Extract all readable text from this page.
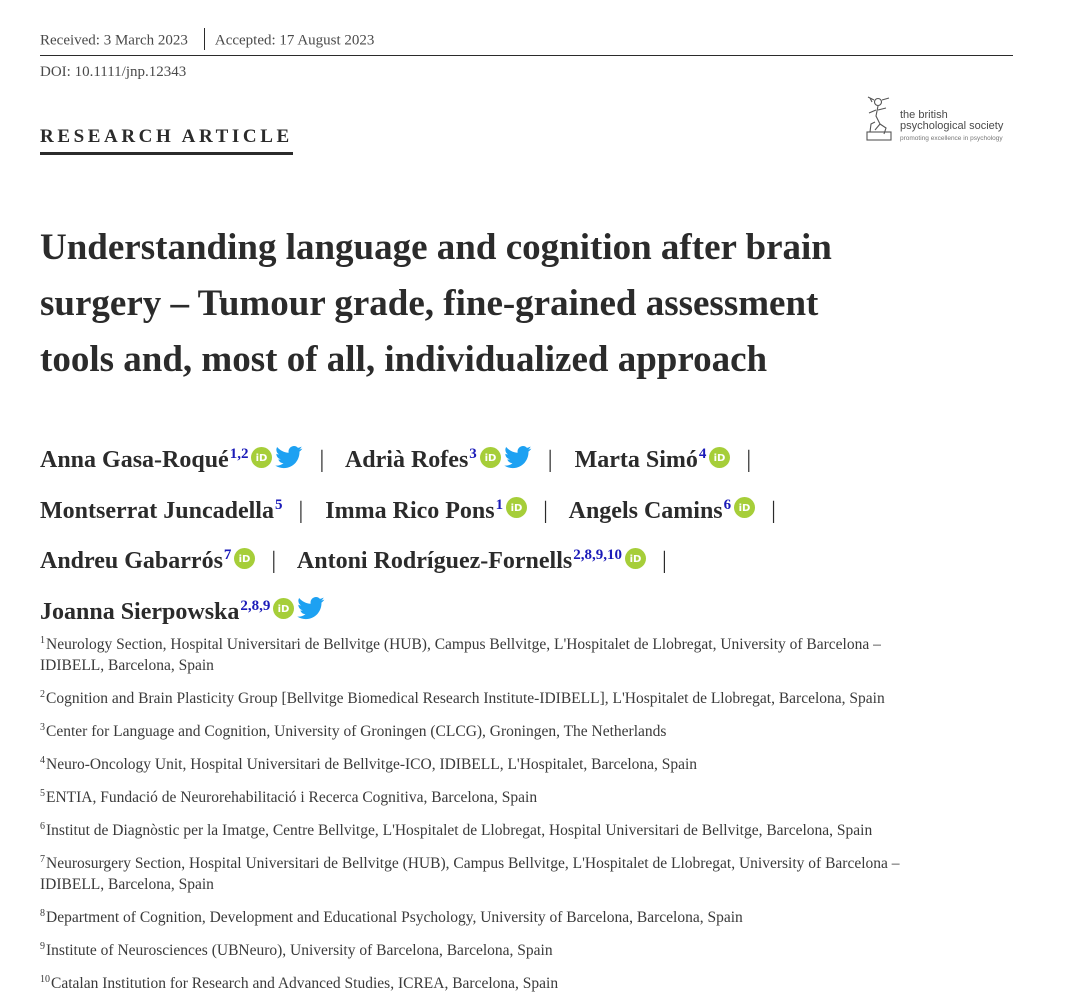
Received: 3 March 2023 Accepted: 17 August 2023
DOI: 10.1111/jnp.12343
the british
psychological society
promoting excellence in psychology
RESEARCH ARTICLE
Understanding language and cognition after brain
surgery – Tumour grade, fine-grained assessment
tools and, most of all, individualized approach
Anna Gasa-Roqué$^{1,2}$ iD | Adrià Rofes$^3$ iD | Marta Simó$^4$ iD |
Montserrat Juncadella$^5$ | Imma Rico Pons$^1$ iD | Angels Camins$^6$ iD |
Andreu Gabarrós$^7$ iD | Antoni Rodríguez-Fornells$^{2,8,9,10}$ iD |
Joanna Sierpowska$^{2,8,9}$ iD
$^1$Neurology Section, Hospital Universitari de Bellvitge (HUB), Campus Bellvitge, L'Hospitalet de Llobregat, University of Barcelona –
IDIBELL, Barcelona, Spain
$^2$Cognition and Brain Plasticity Group [Bellvitge Biomedical Research Institute-IDIBELL], L'Hospitalet de Llobregat, Barcelona, Spain
$^3$Center for Language and Cognition, University of Groningen (CLCG), Groningen, The Netherlands
$^4$Neuro-Oncology Unit, Hospital Universitari de Bellvitge-ICO, IDIBELL, L'Hospitalet, Barcelona, Spain
$^5$ENTIA, Fundació de Neurorehabilitació i Recerca Cognitiva, Barcelona, Spain
$^6$Institut de Diagnòstic per la Imatge, Centre Bellvitge, L'Hospitalet de Llobregat, Hospital Universitari de Bellvitge, Barcelona, Spain
$^7$Neurosurgery Section, Hospital Universitari de Bellvitge (HUB), Campus Bellvitge, L'Hospitalet de Llobregat, University of Barcelona –
IDIBELL, Barcelona, Spain
$^8$Department of Cognition, Development and Educational Psychology, University of Barcelona, Barcelona, Spain
$^9$Institute of Neurosciences (UBNeuro), University of Barcelona, Barcelona, Spain
$^{10}$Catalan Institution for Research and Advanced Studies, ICREA, Barcelona, Spain
